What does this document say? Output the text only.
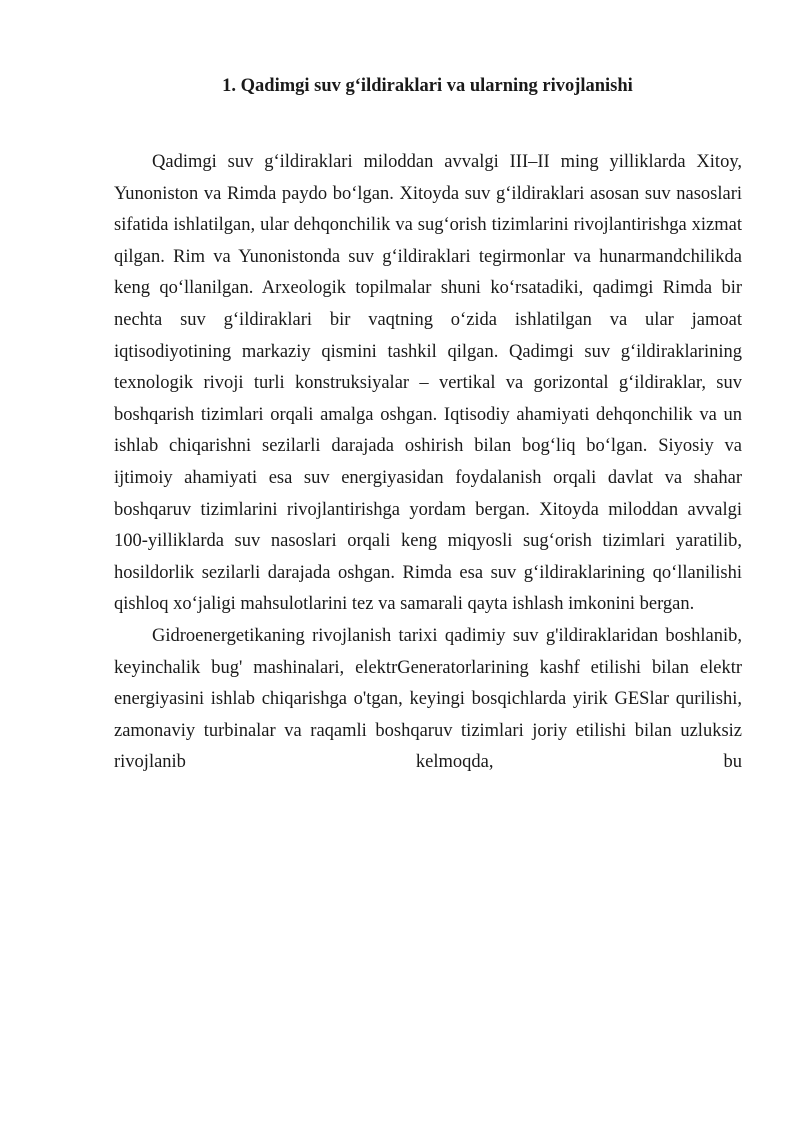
1. Qadimgi suv g‘ildiraklari va ularning rivojlanishi

Qadimgi suv g‘ildiraklari miloddan avvalgi III–II ming yilliklarda Xitoy, Yunoniston va Rimda paydo bo‘lgan. Xitoyda suv g‘ildiraklari asosan suv nasoslari sifatida ishlatilgan, ular dehqonchilik va sug‘orish tizimlarini rivojlantirishga xizmat qilgan. Rim va Yunonistonda suv g‘ildiraklari tegirmonlar va hunarmandchilikda keng qo‘llanilgan. Arxeologik topilmalar shuni ko‘rsatadiki, qadimgi Rimda bir nechta suv g‘ildiraklari bir vaqtning o‘zida ishlatilgan va ular jamoat iqtisodiyotining markaziy qismini tashkil qilgan. Qadimgi suv g‘ildiraklarining texnologik rivoji turli konstruksiyalar – vertikal va gorizontal g‘ildiraklar, suv boshqarish tizimlari orqali amalga oshgan. Iqtisodiy ahamiyati dehqonchilik va un ishlab chiqarishni sezilarli darajada oshirish bilan bog‘liq bo‘lgan. Siyosiy va ijtimoiy ahamiyati esa suv energiyasidan foydalanish orqali davlat va shahar boshqaruv tizimlarini rivojlantirishga yordam bergan. Xitoyda miloddan avvalgi 100-yilliklarda suv nasoslari orqali keng miqyosli sug‘orish tizimlari yaratilib, hosildorlik sezilarli darajada oshgan. Rimda esa suv g‘ildiraklarining qo‘llanilishi qishloq xo‘jaligi mahsulotlarini tez va samarali qayta ishlash imkonini bergan.

Gidroenergetikaning rivojlanish tarixi qadimiy suv g'ildiraklaridan boshlanib, keyinchalik bug' mashinalari, elektrGeneratorlarining kashf etilishi bilan elektr energiyasini ishlab chiqarishga o'tgan, keyingi bosqichlarda yirik GESlar qurilishi, zamonaviy turbinalar va raqamli boshqaruv tizimlari joriy etilishi bilan uzluksiz rivojlanib kelmoqda, bu
